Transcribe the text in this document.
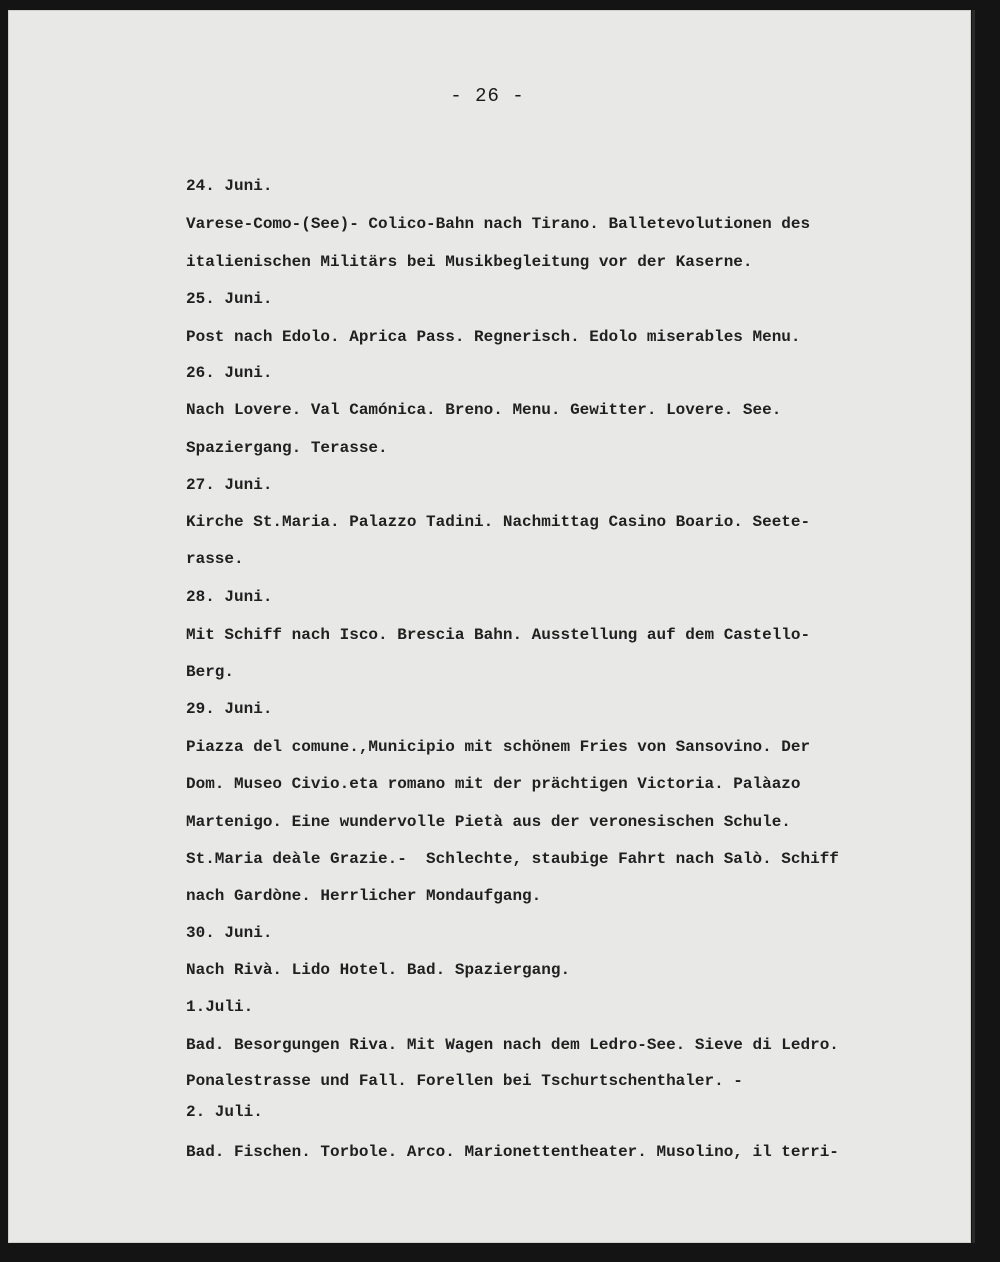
- 26 -

24. Juni.

Varese-Como-(See)- Colico-Bahn nach Tirano. Balletevolutionen des

italienischen Militärs bei Musikbegleitung vor der Kaserne.

25. Juni.

Post nach Edolo. Aprica Pass. Regnerisch. Edolo miserables Menu.

26. Juni.

Nach Lovere. Val Camónica. Breno. Menu. Gewitter. Lovere. See.

Spaziergang. Terasse.

27. Juni.

Kirche St.Maria. Palazzo Tadini. Nachmittag Casino Boario. Seete-

rasse.

28. Juni.

Mit Schiff nach Isco. Brescia Bahn. Ausstellung auf dem Castello-

Berg.

29. Juni.

Piazza del comune.,Municipio mit schönem Fries von Sansovino. Der

Dom. Museo Civio.eta romano mit der prächtigen Victoria. Palàazo

Martenigo. Eine wundervolle Pietà aus der veronesischen Schule.

St.Maria deàle Grazie.-  Schlechte, staubige Fahrt nach Salò. Schiff

nach Gardòne. Herrlicher Mondaufgang.

30. Juni.

Nach Rivà. Lido Hotel. Bad. Spaziergang.

1.Juli.

Bad. Besorgungen Riva. Mit Wagen nach dem Ledro-See. Sieve di Ledro.

Ponalestrasse und Fall. Forellen bei Tschurtschenthaler. -

2. Juli.

Bad. Fischen. Torbole. Arco. Marionettentheater. Musolino, il terri-
